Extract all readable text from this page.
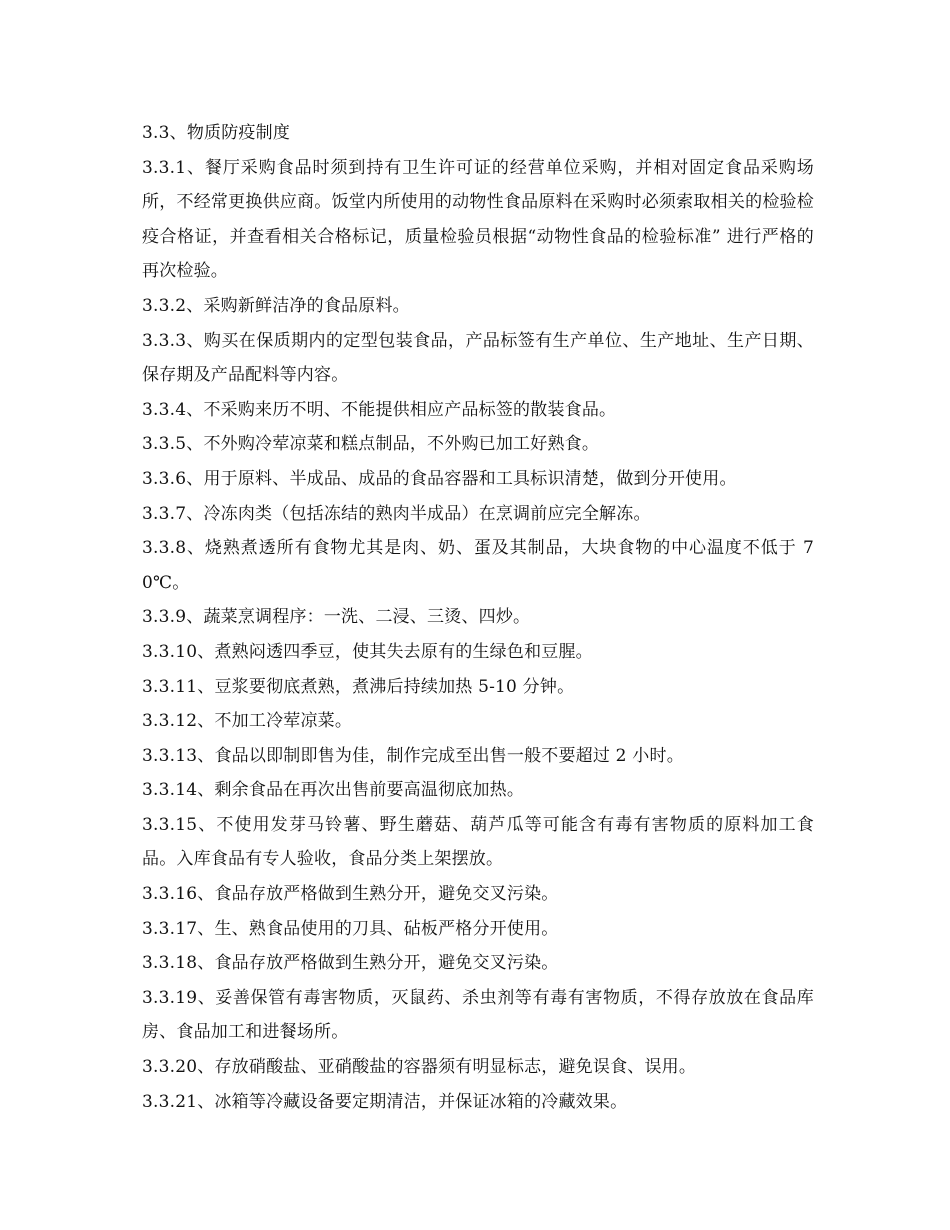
3.3、物质防疫制度

3.3.1、餐厅采购食品时须到持有卫生许可证的经营单位采购，并相对固定食品采购场所，不经常更换供应商。饭堂内所使用的动物性食品原料在采购时必须索取相关的检验检疫合格证，并查看相关合格标记，质量检验员根据“动物性食品的检验标准” 进行严格的再次检验。

3.3.2、采购新鲜洁净的食品原料。

3.3.3、购买在保质期内的定型包装食品，产品标签有生产单位、生产地址、生产日期、保存期及产品配料等内容。

3.3.4、不采购来历不明、不能提供相应产品标签的散装食品。

3.3.5、不外购冷荤凉菜和糕点制品，不外购已加工好熟食。

3.3.6、用于原料、半成品、成品的食品容器和工具标识清楚，做到分开使用。

3.3.7、冷冻肉类（包括冻结的熟肉半成品）在烹调前应完全解冻。

3.3.8、烧熟煮透所有食物尤其是肉、奶、蛋及其制品，大块食物的中心温度不低于 70℃。

3.3.9、蔬菜烹调程序：一洗、二浸、三烫、四炒。

3.3.10、煮熟闷透四季豆，使其失去原有的生绿色和豆腥。

3.3.11、豆浆要彻底煮熟，煮沸后持续加热 5-10 分钟。

3.3.12、不加工冷荤凉菜。

3.3.13、食品以即制即售为佳，制作完成至出售一般不要超过 2 小时。

3.3.14、剩余食品在再次出售前要高温彻底加热。

3.3.15、不使用发芽马铃薯、野生蘑菇、葫芦瓜等可能含有毒有害物质的原料加工食品。入库食品有专人验收，食品分类上架摆放。

3.3.16、食品存放严格做到生熟分开，避免交叉污染。

3.3.17、生、熟食品使用的刀具、砧板严格分开使用。

3.3.18、食品存放严格做到生熟分开，避免交叉污染。

3.3.19、妥善保管有毒害物质，灭鼠药、杀虫剂等有毒有害物质，不得存放放在食品库房、食品加工和进餐场所。

3.3.20、存放硝酸盐、亚硝酸盐的容器须有明显标志，避免误食、误用。

3.3.21、冰箱等冷藏设备要定期清洁，并保证冰箱的冷藏效果。
